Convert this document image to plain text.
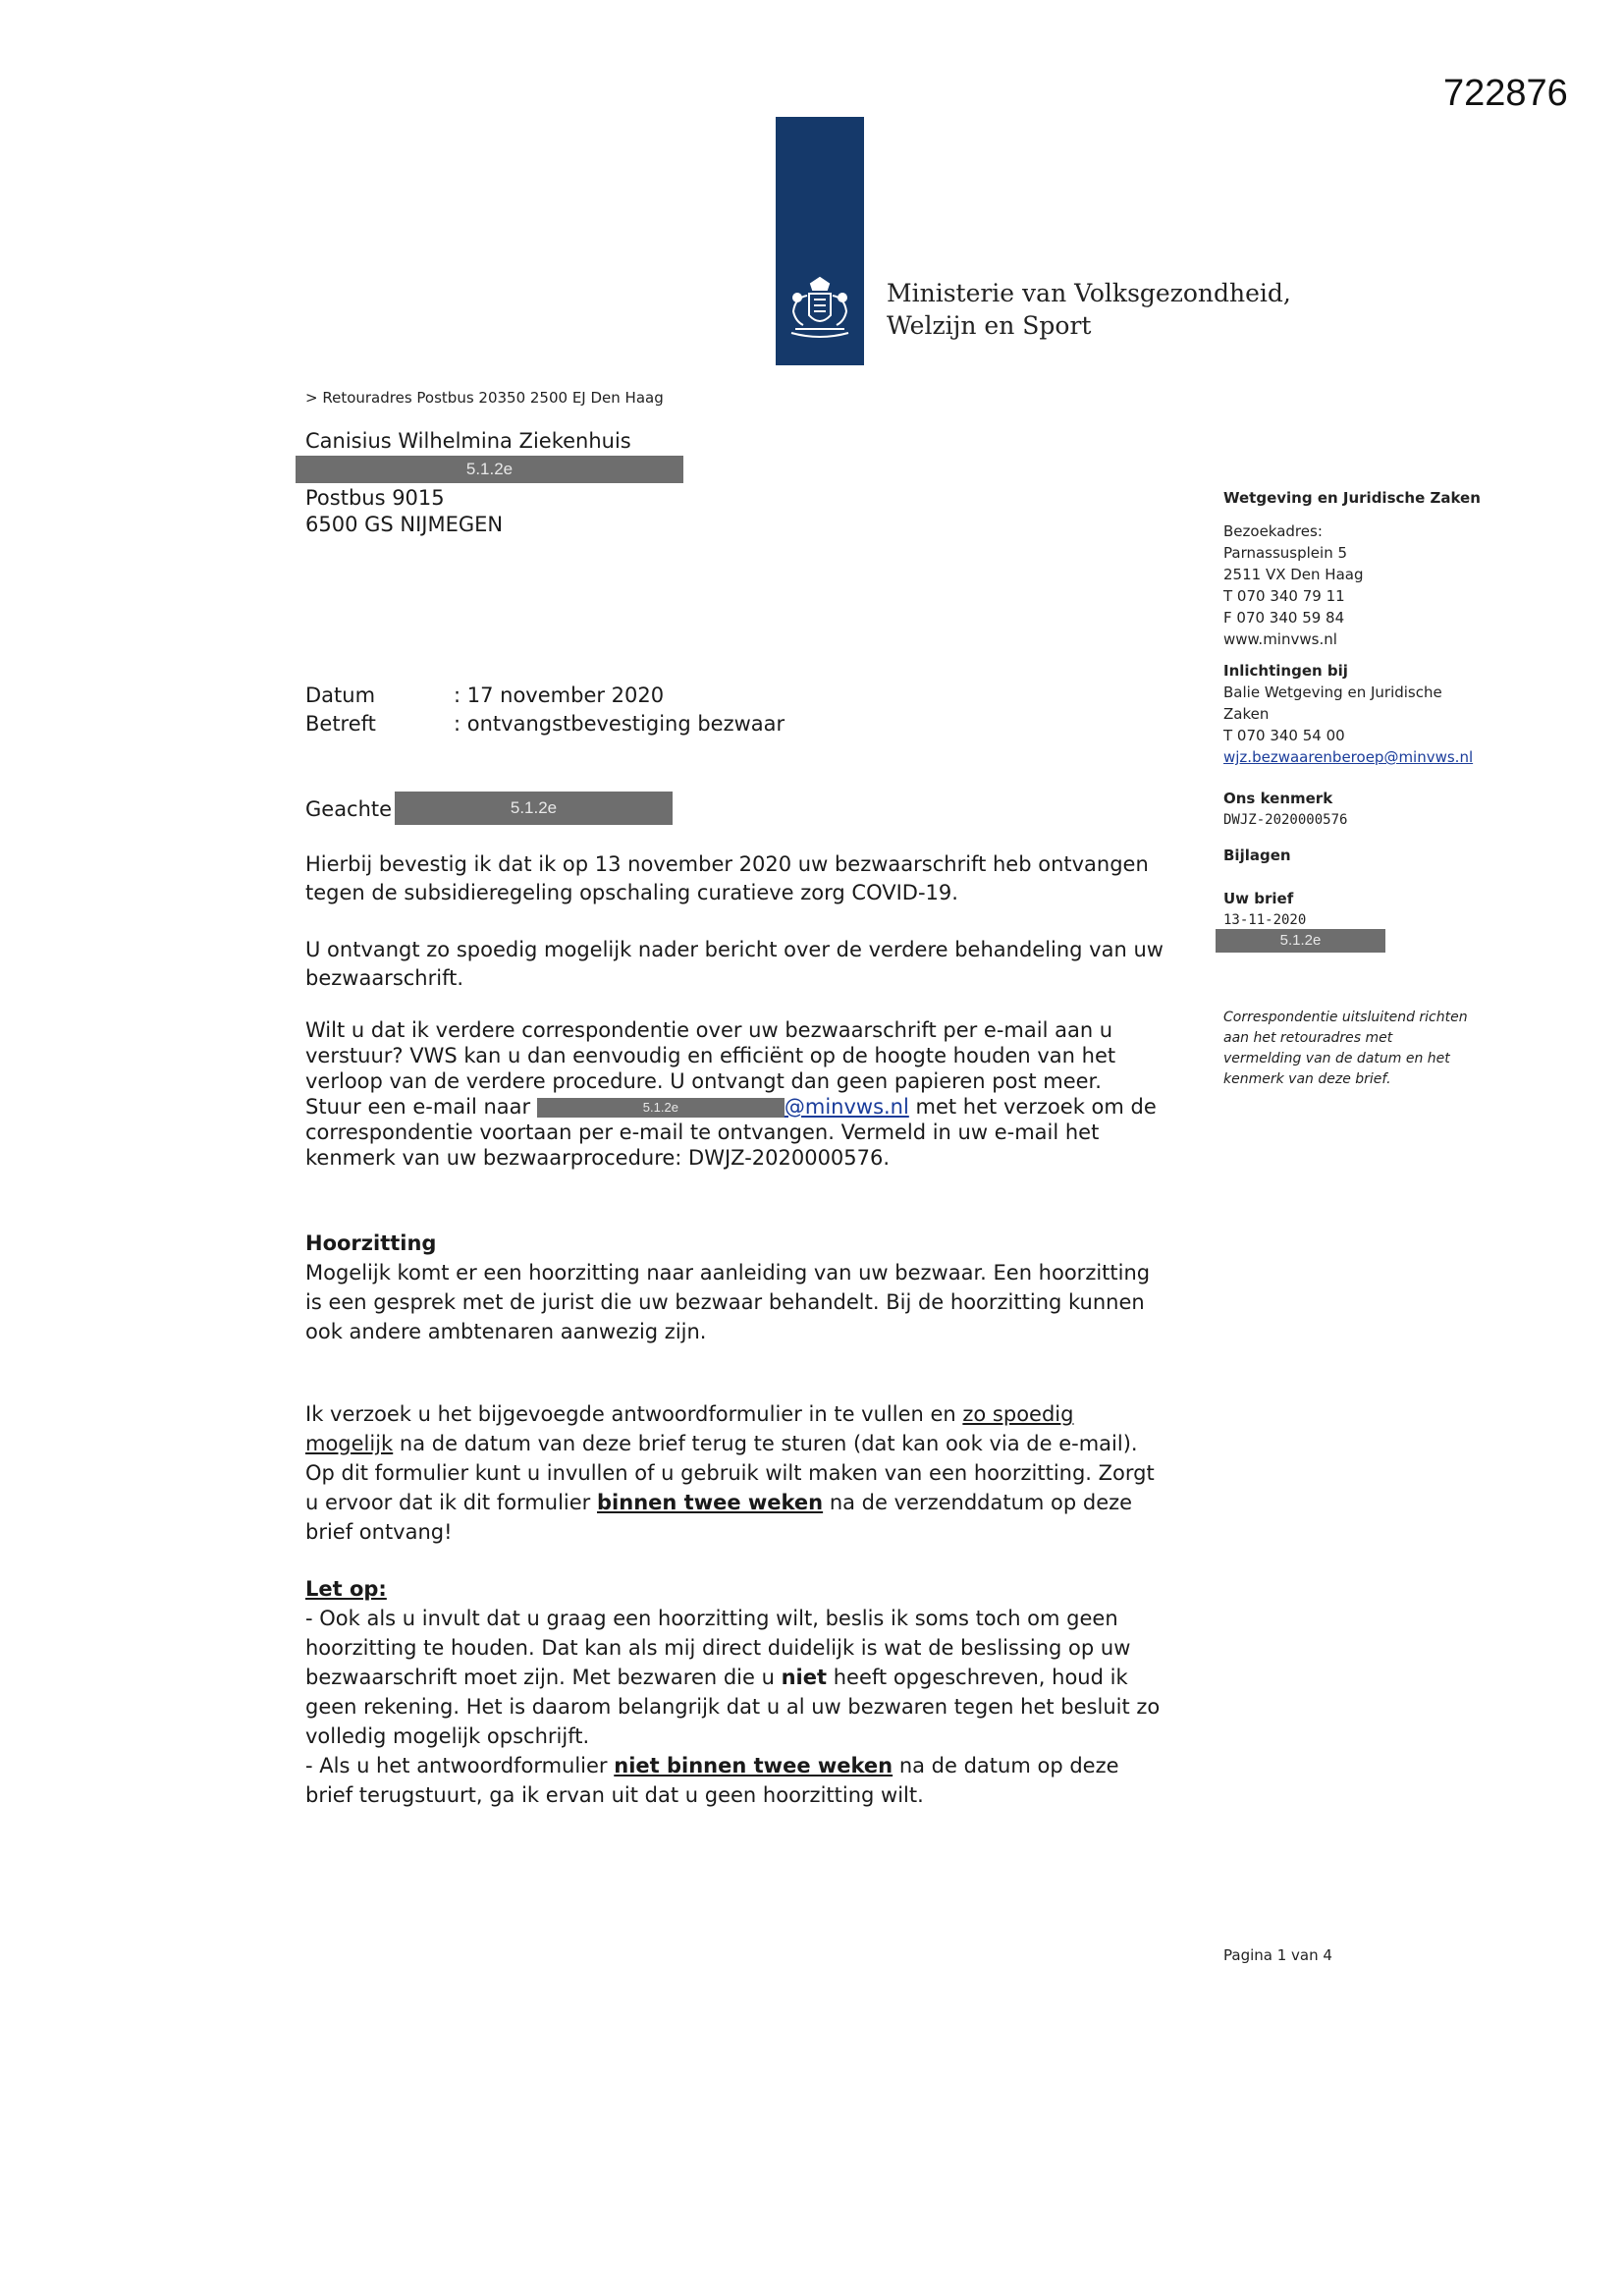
722876
Ministerie van Volksgezondheid,
Welzijn en Sport
> Retouradres Postbus 20350 2500 EJ Den Haag
Canisius Wilhelmina Ziekenhuis
5.1.2e
Postbus 9015
6500 GS NIJMEGEN
Wetgeving en Juridische Zaken
Bezoekadres:
Parnassusplein 5
2511 VX Den Haag
T 070 340 79 11
F 070 340 59 84
www.minvws.nl
Inlichtingen bij
Balie Wetgeving en Juridische
Zaken
T 070 340 54 00
wjz.bezwaarenberoep@minvws.nl
Ons kenmerk
DWJZ-2020000576
Bijlagen
Uw brief
13-11-2020
5.1.2e
Correspondentie uitsluitend richten
aan het retouradres met
vermelding van de datum en het
kenmerk van deze brief.
Datum	: 17 november 2020
Betreft	: ontvangstbevestiging bezwaar
Geachte	5.1.2e

Hierbij bevestig ik dat ik op 13 november 2020 uw bezwaarschrift heb ontvangen

tegen de subsidieregeling opschaling curatieve zorg COVID-19.

U ontvangt zo spoedig mogelijk nader bericht over de verdere behandeling van uw

bezwaarschrift.

Wilt u dat ik verdere correspondentie over uw bezwaarschrift per e-mail aan u

verstuur? VWS kan u dan eenvoudig en efficiënt op de hoogte houden van het

verloop van de verdere procedure. U ontvangt dan geen papieren post meer.

Stuur een e-mail naar	5.1.2e	@minvws.nl met het verzoek om de

correspondentie voortaan per e-mail te ontvangen. Vermeld in uw e-mail het

kenmerk van uw bezwaarprocedure: DWJZ-2020000576.

Hoorzitting

Mogelijk komt er een hoorzitting naar aanleiding van uw bezwaar. Een hoorzitting

is een gesprek met de jurist die uw bezwaar behandelt. Bij de hoorzitting kunnen

ook andere ambtenaren aanwezig zijn.

Ik verzoek u het bijgevoegde antwoordformulier in te vullen en zo spoedig

mogelijk na de datum van deze brief terug te sturen (dat kan ook via de e-mail).

Op dit formulier kunt u invullen of u gebruik wilt maken van een hoorzitting. Zorgt

u ervoor dat ik dit formulier binnen twee weken na de verzenddatum op deze

brief ontvang!

Let op:

- Ook als u invult dat u graag een hoorzitting wilt, beslis ik soms toch om geen

hoorzitting te houden. Dat kan als mij direct duidelijk is wat de beslissing op uw

bezwaarschrift moet zijn. Met bezwaren die u niet heeft opgeschreven, houd ik

geen rekening. Het is daarom belangrijk dat u al uw bezwaren tegen het besluit zo

volledig mogelijk opschrijft.

- Als u het antwoordformulier niet binnen twee weken na de datum op deze

brief terugstuurt, ga ik ervan uit dat u geen hoorzitting wilt.

Pagina 1 van 4
